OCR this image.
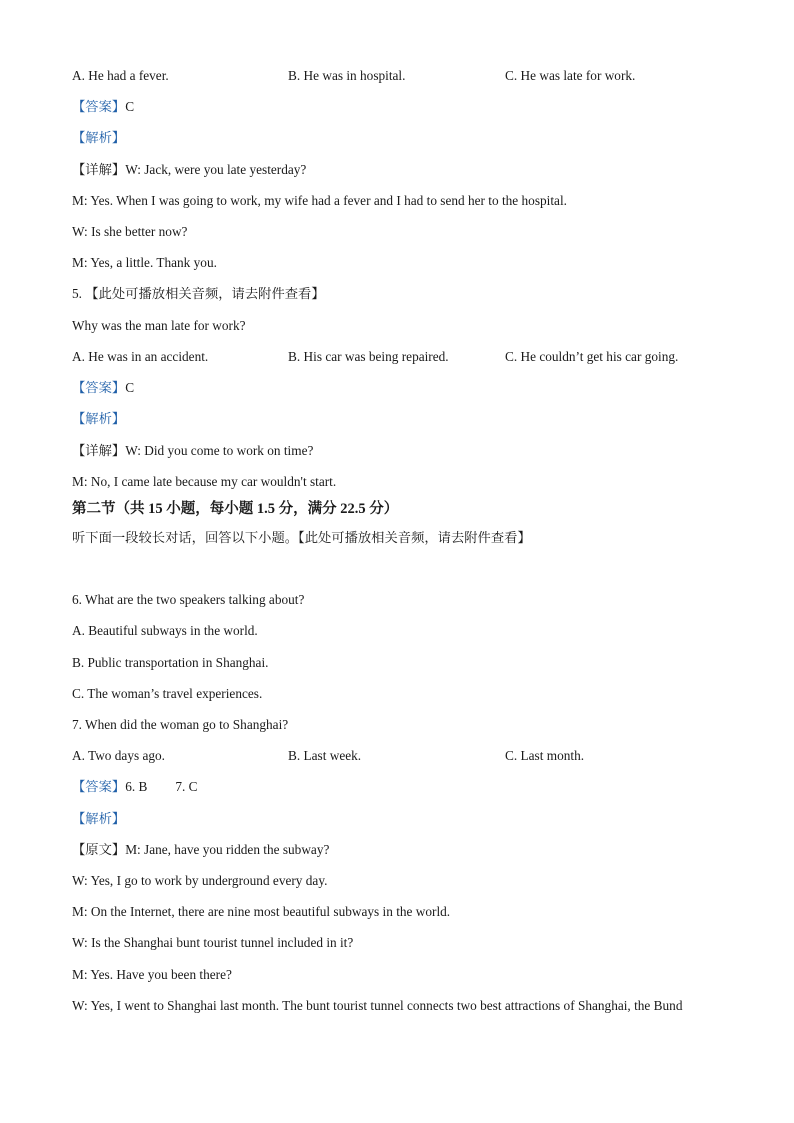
A. He had a fever.	B. He was in hospital.	C. He was late for work.
【答案】C
【解析】
【详解】W: Jack, were you late yesterday?
M: Yes. When I was going to work, my wife had a fever and I had to send her to the hospital.
W: Is she better now?
M: Yes, a little. Thank you.
5. 【此处可播放相关音频，请去附件查看】
Why was the man late for work?
A. He was in an accident.	B. His car was being repaired.	C. He couldn’t get his car going.
【答案】C
【解析】
【详解】W: Did you come to work on time?
M: No, I came late because my car wouldn't start.
第二节（共 15 小题，每小题 1.5 分，满分 22.5 分）
听下面一段较长对话，回答以下小题。【此处可播放相关音频，请去附件查看】
6. What are the two speakers talking about?
A. Beautiful subways in the world.
B. Public transportation in Shanghai.
C. The woman’s travel experiences.
7. When did the woman go to Shanghai?
A. Two days ago.	B. Last week.	C. Last month.
【答案】6. B 7. C
【解析】
【原文】M: Jane, have you ridden the subway?
W: Yes, I go to work by underground every day.
M: On the Internet, there are nine most beautiful subways in the world.
W: Is the Shanghai bunt tourist tunnel included in it?
M: Yes. Have you been there?
W: Yes, I went to Shanghai last month. The bunt tourist tunnel connects two best attractions of Shanghai, the Bund
